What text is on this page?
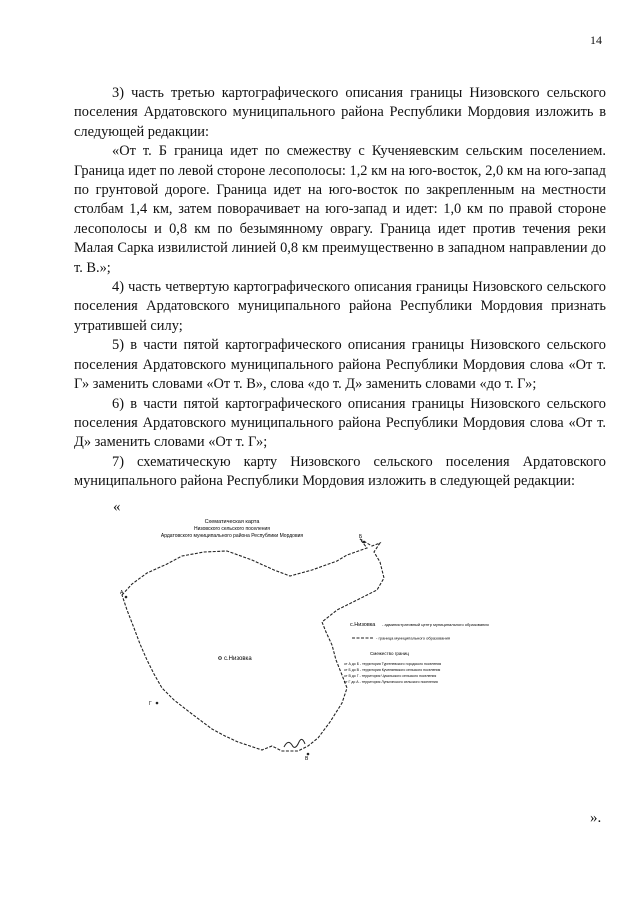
14

3) часть третью картографического описания границы Низовского сельского поселения Ардатовского муниципального района Республики Мордовия изложить в следующей редакции:

«От т. Б граница идет по смежеству с Кученяевским сельским поселением. Граница идет по левой стороне лесополосы: 1,2 км на юго-восток, 2,0 км на юго-запад по грунтовой дороге. Граница идет на юго-восток по закрепленным на местности столбам 1,4 км, затем поворачивает на юго-запад и идет: 1,0 км по правой стороне лесополосы и 0,8 км по безымянному оврагу. Граница идет против течения реки Малая Сарка извилистой линией 0,8 км преимущественно в западном направлении до т. В.»;

4) часть четвертую картографического описания границы Низовского сельского поселения Ардатовского муниципального района Республики Мордовия признать утратившей силу;

5) в части пятой картографического описания границы Низовского сельского поселения Ардатовского муниципального района Республики Мордовия слова «От т. Г» заменить словами «От т. В», слова «до т. Д» заменить словами «до т. Г»;

6) в части пятой картографического описания границы Низовского сельского поселения Ардатовского муниципального района Республики Мордовия слова «От т. Д» заменить словами «От т. Г»;

7) схематическую карту Низовского сельского поселения Ардатовского муниципального района Республики Мордовия изложить в следующей редакции:

«
Схематическая карта
Низовского сельского поселения
Ардатовского муниципального района Республики Мордовия
А
Б
В
Г
с.Низовка
с.Низовка - административный центр муниципального образования
- граница муниципального образования
Смежество границ
от А до Б - территория Тургеневского городского поселения
от Б до В - территория Кученяевского сельского поселения
от В до Г - территория Чукальского сельского поселения
от Г до А - территория Луньгинского сельского поселения
».
